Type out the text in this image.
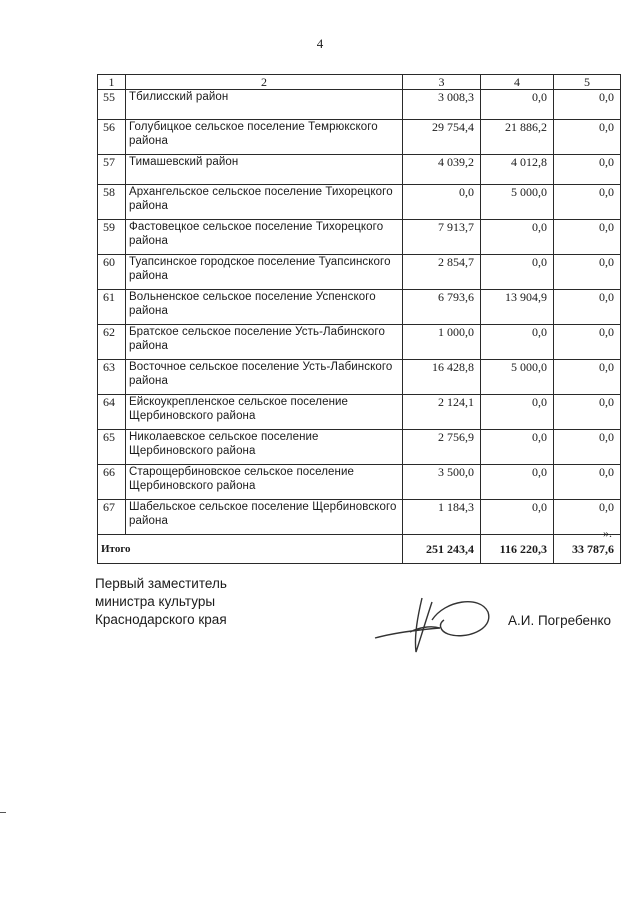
4
1	2	3	4	5
55	Тбилисский район	3 008,3	0,0	0,0
56	Голубицкое сельское поселение Темрюкского района	29 754,4	21 886,2	0,0
57	Тимашевский район	4 039,2	4 012,8	0,0
58	Архангельское сельское поселение Тихорецкого района	0,0	5 000,0	0,0
59	Фастовецкое сельское поселение Тихорецкого района	7 913,7	0,0	0,0
60	Туапсинское городское поселение Туапсинского района	2 854,7	0,0	0,0
61	Вольненское сельское поселение Успенского района	6 793,6	13 904,9	0,0
62	Братское сельское поселение Усть-Лабинского района	1 000,0	0,0	0,0
63	Восточное сельское поселение Усть-Лабинского района	16 428,8	5 000,0	0,0
64	Ейскоукрепленское сельское поселение Щербиновского района	2 124,1	0,0	0,0
65	Николаевское сельское поселение Щербиновского района	2 756,9	0,0	0,0
66	Старощербиновское сельское поселение Щербиновского района	3 500,0	0,0	0,0
67	Шабельское сельское поселение Щербиновского района	1 184,3	0,0	0,0
Итого		251 243,4	116 220,3	33 787,6
».
Первый заместитель
министра культуры
Краснодарского края	А.И. Погребенко
